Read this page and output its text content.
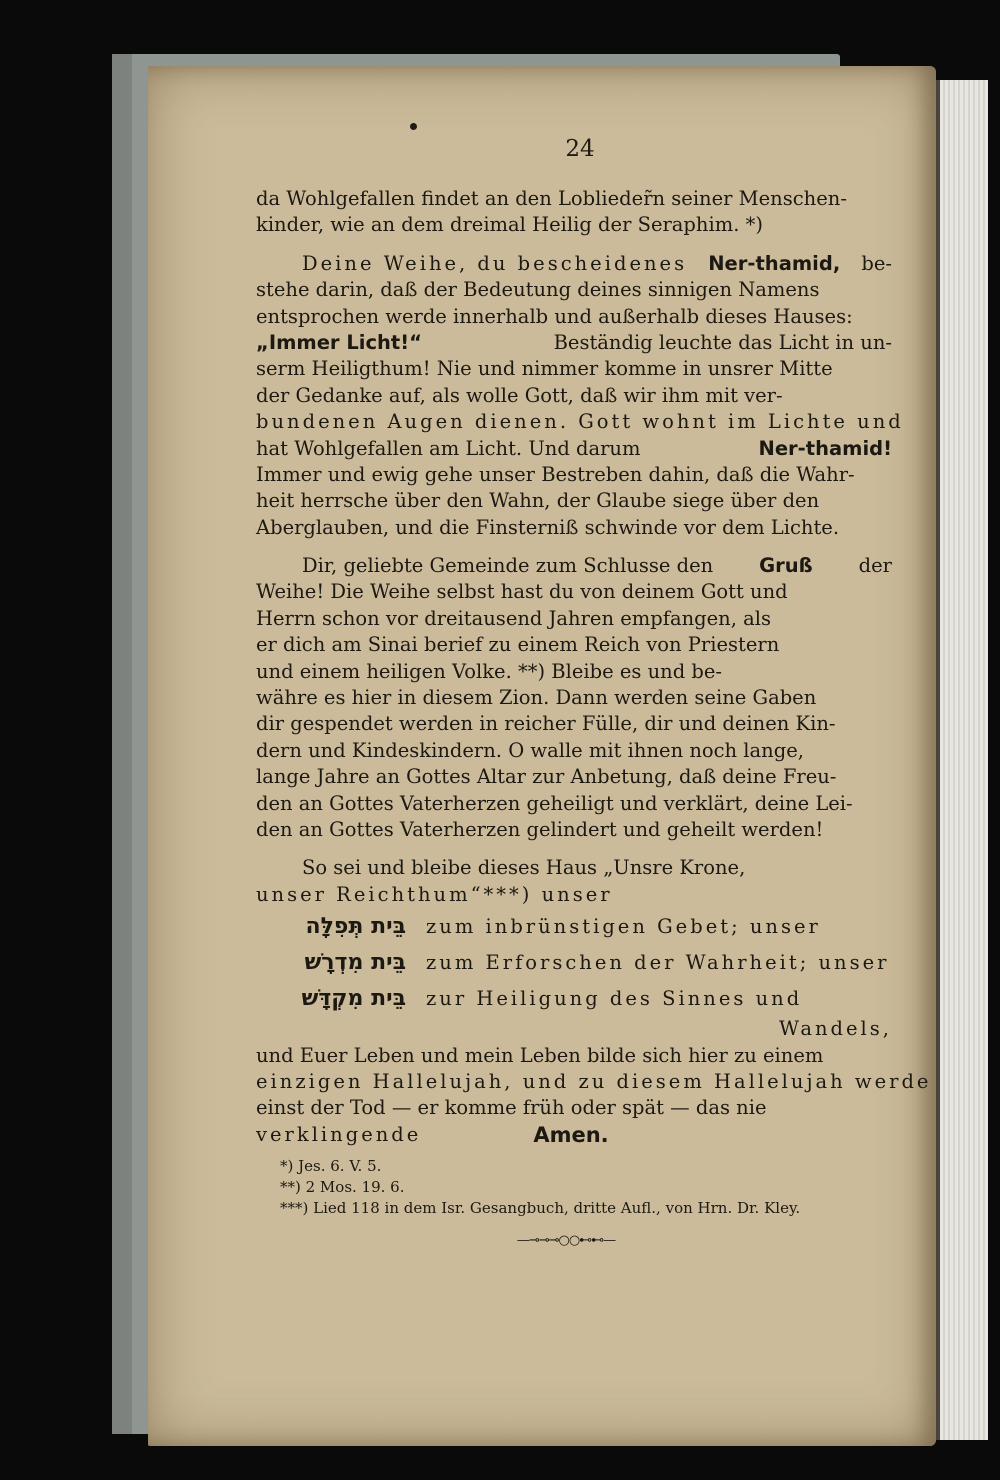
24
da Wohlgefallen findet an den Loblieder̃n seiner Menschen-
kinder, wie an dem dreimal Heilig der Seraphim. *)
Deine Weihe, du bescheidenes Ner-thamid, be-
stehe darin, daß der Bedeutung deines sinnigen Namens
entsprochen werde innerhalb und außerhalb dieses Hauses:
„Immer Licht!“	Beständig leuchte das Licht in un-
serm Heiligthum! Nie und nimmer komme in unsrer Mitte
der Gedanke auf, als wolle Gott, daß wir ihm mit ver-
bundenen Augen dienen. Gott wohnt im Lichte und
hat Wohlgefallen am Licht. Und darum	Ner-thamid!
Immer und ewig gehe unser Bestreben dahin, daß die Wahr-
heit herrsche über den Wahn, der Glaube siege über den
Aberglauben, und die Finsterniß schwinde vor dem Lichte.
Dir, geliebte Gemeinde zum Schlusse den Gruß der
Weihe! Die Weihe selbst hast du von deinem Gott und
Herrn schon vor dreitausend Jahren empfangen, als
er dich am Sinai berief zu einem Reich von Priestern
und einem heiligen Volke. **) Bleibe es und be-
währe es hier in diesem Zion. Dann werden seine Gaben
dir gespendet werden in reicher Fülle, dir und deinen Kin-
dern und Kindeskindern. O walle mit ihnen noch lange,
lange Jahre an Gottes Altar zur Anbetung, daß deine Freu-
den an Gottes Vaterherzen geheiligt und verklärt, deine Lei-
den an Gottes Vaterherzen gelindert und geheilt werden!
So sei und bleibe dieses Haus „Unsre Krone,
unser Reichthum“***) unser
בֵּית תְּפִלָּה	zum inbrünstigen Gebet; unser
בֵּית מִדְרָשׁ	zum Erforschen der Wahrheit; unser
בֵּית מִקְדָּשׁ	zur Heiligung des Sinnes und
Wandels,
und Euer Leben und mein Leben bilde sich hier zu einem
einzigen Hallelujah, und zu diesem Hallelujah werde
einst der Tod — er komme früh oder spät — das nie
verklingende	Amen.
*) Jes. 6. V. 5.
**) 2 Mos. 19. 6.
***) Lied 118 in dem Isr. Gesangbuch, dritte Aufl., von Hrn. Dr. Kley.
—⊸⊸⊸○○⊷⊷—
